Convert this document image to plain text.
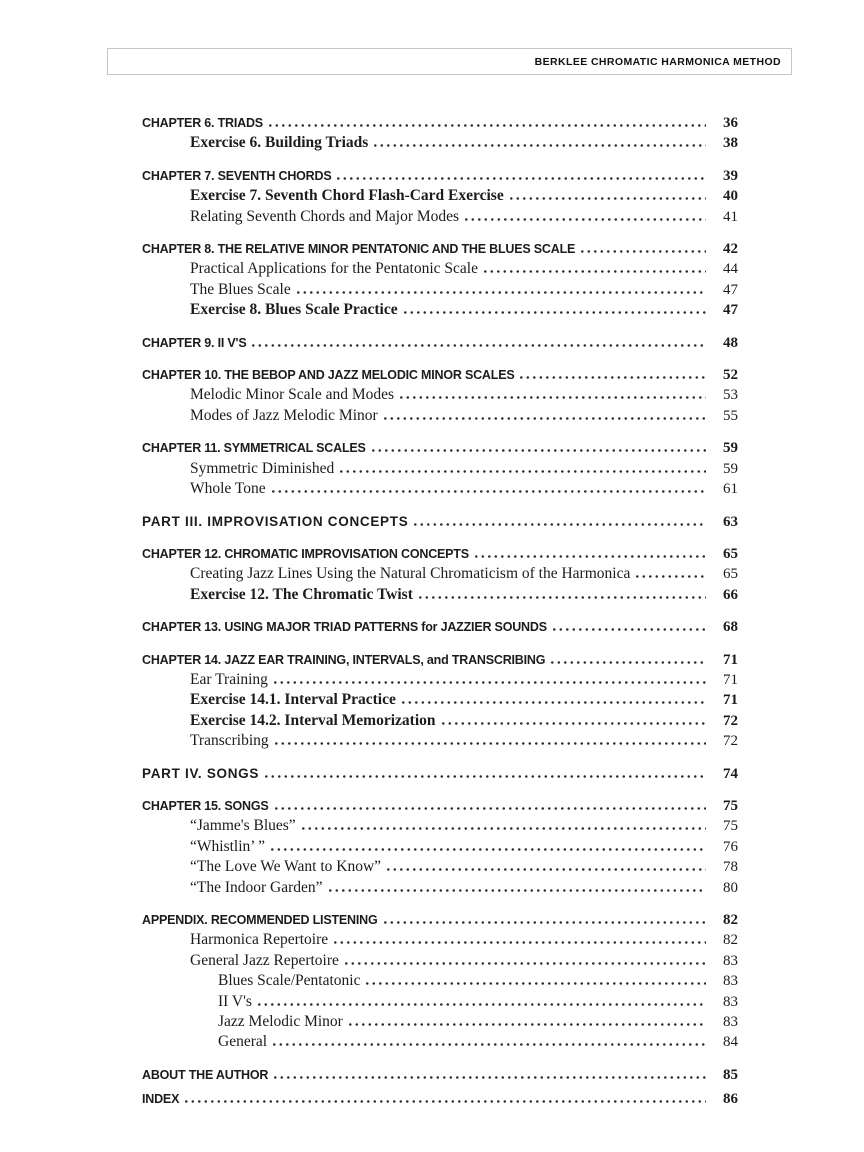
BERKLEE CHROMATIC HARMONICA METHOD
CHAPTER 6. TRIADS	36
Exercise 6. Building Triads	38
CHAPTER 7. SEVENTH CHORDS	39
Exercise 7. Seventh Chord Flash-Card Exercise	40
Relating Seventh Chords and Major Modes	41
CHAPTER 8. THE RELATIVE MINOR PENTATONIC AND THE BLUES SCALE	42
Practical Applications for the Pentatonic Scale	44
The Blues Scale	47
Exercise 8. Blues Scale Practice	47
CHAPTER 9. II V'S	48
CHAPTER 10. THE BEBOP AND JAZZ MELODIC MINOR SCALES	52
Melodic Minor Scale and Modes	53
Modes of Jazz Melodic Minor	55
CHAPTER 11. SYMMETRICAL SCALES	59
Symmetric Diminished	59
Whole Tone	61
PART III. IMPROVISATION CONCEPTS	63
CHAPTER 12. CHROMATIC IMPROVISATION CONCEPTS	65
Creating Jazz Lines Using the Natural Chromaticism of the Harmonica	65
Exercise 12. The Chromatic Twist	66
CHAPTER 13. USING MAJOR TRIAD PATTERNS for JAZZIER SOUNDS	68
CHAPTER 14. JAZZ EAR TRAINING, INTERVALS, and TRANSCRIBING	71
Ear Training	71
Exercise 14.1. Interval Practice	71
Exercise 14.2. Interval Memorization	72
Transcribing	72
PART IV. SONGS	74
CHAPTER 15. SONGS	75
“Jamme's Blues”	75
“Whistlin’ ”	76
“The Love We Want to Know”	78
“The Indoor Garden”	80
APPENDIX. RECOMMENDED LISTENING	82
Harmonica Repertoire	82
General Jazz Repertoire	83
Blues Scale/Pentatonic	83
II V's	83
Jazz Melodic Minor	83
General	84
ABOUT THE AUTHOR	85
INDEX	86
